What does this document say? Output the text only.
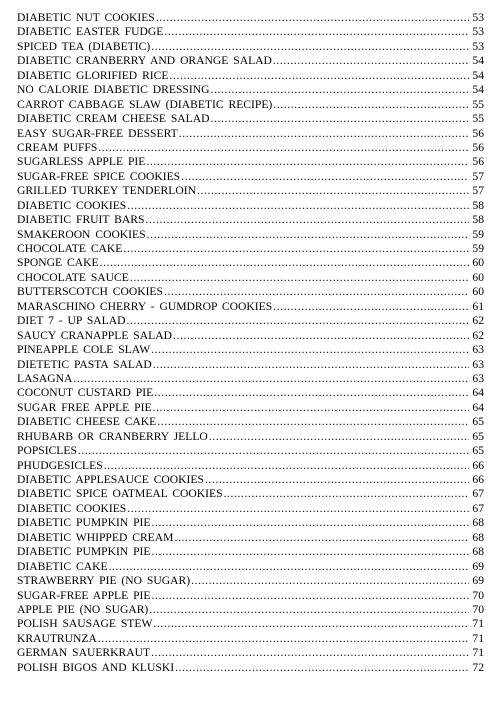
DIABETIC NUT COOKIES .....	53
DIABETIC EASTER FUDGE .....	53
SPICED TEA (DIABETIC) .....	53
DIABETIC CRANBERRY AND ORANGE SALAD .....	54
DIABETIC GLORIFIED RICE .....	54
NO CALORIE DIABETIC DRESSING .....	54
CARROT CABBAGE SLAW (DIABETIC RECIPE) .....	55
DIABETIC CREAM CHEESE SALAD .....	55
EASY SUGAR-FREE DESSERT .....	56
CREAM PUFFS .....	56
SUGARLESS APPLE PIE .....	56
SUGAR-FREE SPICE COOKIES .....	57
GRILLED TURKEY TENDERLOIN .....	57
DIABETIC COOKIES .....	58
DIABETIC FRUIT BARS .....	58
SMAKEROON COOKIES .....	59
CHOCOLATE CAKE .....	59
SPONGE CAKE .....	60
CHOCOLATE SAUCE .....	60
BUTTERSCOTCH COOKIES .....	60
MARASCHINO CHERRY - GUMDROP COOKIES .....	61
DIET 7 - UP SALAD .....	62
SAUCY CRANAPPLE SALAD .....	62
PINEAPPLE COLE SLAW .....	63
DIETETIC PASTA SALAD .....	63
LASAGNA .....	63
COCONUT CUSTARD PIE .....	64
SUGAR FREE APPLE PIE .....	64
DIABETIC CHEESE CAKE .....	65
RHUBARB OR CRANBERRY JELLO .....	65
POPSICLES .....	65
PHUDGESICLES .....	66
DIABETIC APPLESAUCE COOKIES .....	66
DIABETIC SPICE OATMEAL COOKIES .....	67
DIABETIC COOKIES .....	67
DIABETIC PUMPKIN PIE .....	68
DIABETIC WHIPPED CREAM .....	68
DIABETIC PUMPKIN PIE .....	68
DIABETIC CAKE .....	69
STRAWBERRY PIE (NO SUGAR) .....	69
SUGAR-FREE APPLE PIE .....	70
APPLE PIE (NO SUGAR) .....	70
POLISH SAUSAGE STEW .....	71
KRAUTRUNZA .....	71
GERMAN SAUERKRAUT .....	71
POLISH BIGOS AND KLUSKI .....	72
